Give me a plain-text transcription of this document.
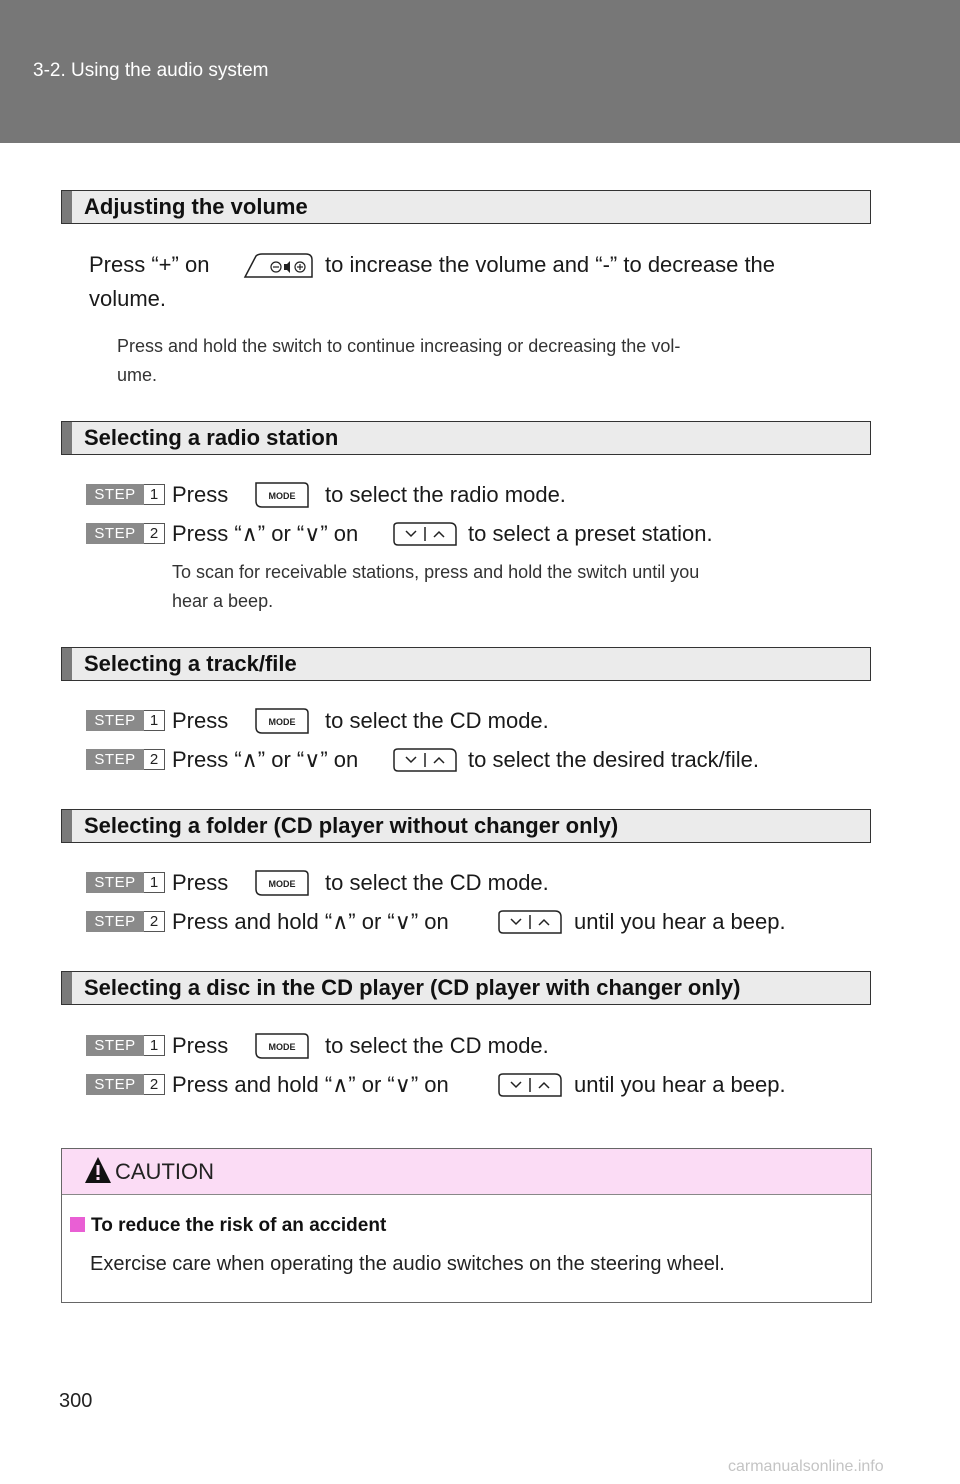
3-2. Using the audio system
Adjusting the volume
Press “+” on	to increase the volume and “-” to decrease the
volume.
Press and hold the switch to continue increasing or decreasing the vol-
ume.
Selecting a radio station
STEP 1 Press	MODE to select the radio mode.
STEP 2 Press “∧” or “∨” on	to select a preset station.
To scan for receivable stations, press and hold the switch until you
hear a beep.
Selecting a track/file
STEP 1 Press	MODE to select the CD mode.
STEP 2 Press “∧” or “∨” on	to select the desired track/file.
Selecting a folder (CD player without changer only)
STEP 1 Press	MODE to select the CD mode.
STEP 2 Press and hold “∧” or “∨” on	until you hear a beep.
Selecting a disc in the CD player (CD player with changer only)
STEP 1 Press	MODE to select the CD mode.
STEP 2 Press and hold “∧” or “∨” on	until you hear a beep.
CAUTION
To reduce the risk of an accident
Exercise care when operating the audio switches on the steering wheel.
300
carmanualsonline.info
